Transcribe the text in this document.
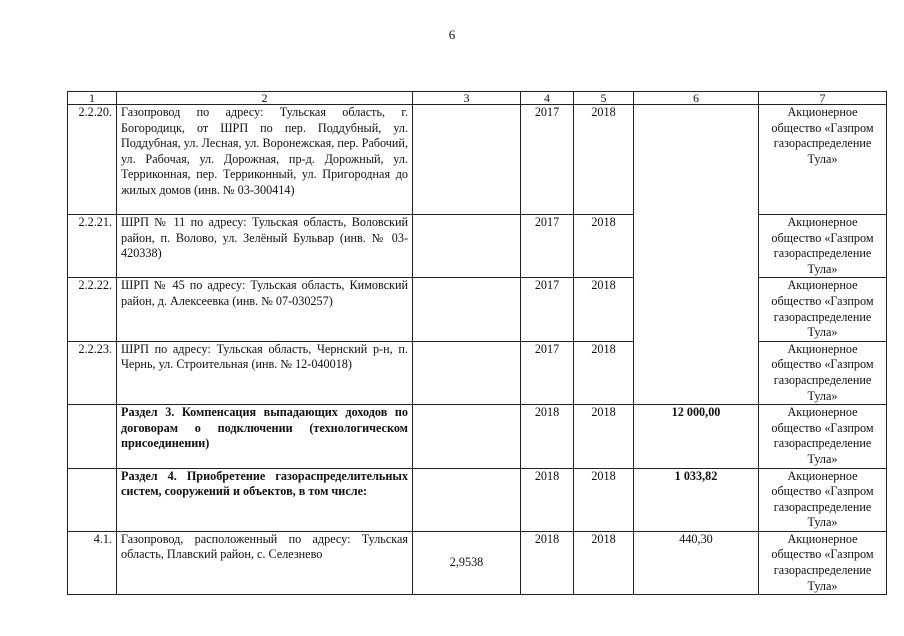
6
1	2	3	4	5	6	7
2.2.20.	Газопровод по адресу: Тульская область, г. Богородицк, от ШРП по пер. Поддубный, ул. Поддубная, ул. Лесная, ул. Воронежская, пер. Рабочий, ул. Рабочая, ул. Дорожная, пр-д. Дорожный, ул. Терриконная, пер. Терриконный, ул. Пригородная до жилых домов (инв. № 03-300414)		2017	2018		Акционерное общество «Газпром газораспределение Тула»
2.2.21.	ШРП № 11 по адресу: Тульская область, Воловский район, п. Волово, ул. Зелёный Бульвар (инв. № 03-420338)		2017	2018		Акционерное общество «Газпром газораспределение Тула»
2.2.22.	ШРП № 45 по адресу: Тульская область, Кимовский район, д. Алексеевка (инв. № 07-030257)		2017	2018		Акционерное общество «Газпром газораспределение Тула»
2.2.23.	ШРП по адресу: Тульская область, Чернский р-н, п. Чернь, ул. Строительная (инв. № 12-040018)		2017	2018		Акционерное общество «Газпром газораспределение Тула»
	Раздел 3. Компенсация выпадающих доходов по договорам о подключении (технологическом присоединении)		2018	2018	12 000,00	Акционерное общество «Газпром газораспределение Тула»
	Раздел 4. Приобретение газораспределительных систем, сооружений и объектов, в том числе:		2018	2018	1 033,82	Акционерное общество «Газпром газораспределение Тула»
4.1.	Газопровод, расположенный по адресу: Тульская область, Плавский район, с. Селезнево	2,9538	2018	2018	440,30	Акционерное общество «Газпром газораспределение Тула»
